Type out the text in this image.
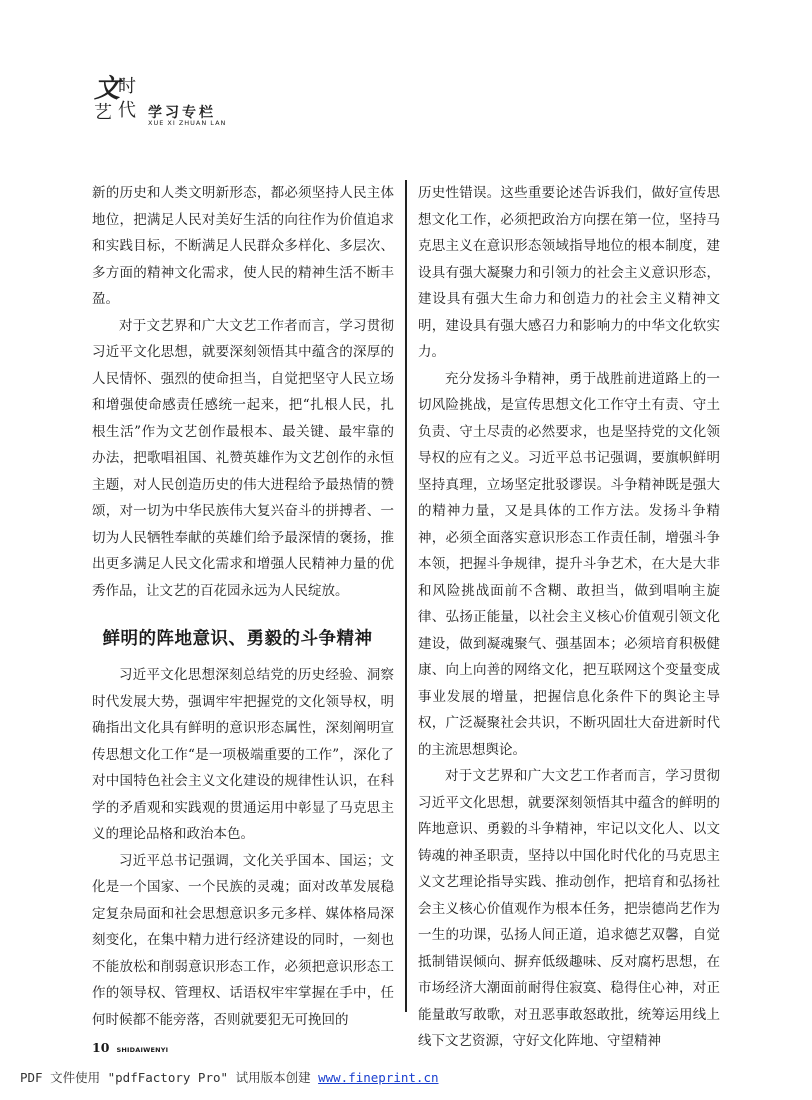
文
时
艺 代 学习专栏
XUE XI ZHUAN LAN

新的历史和人类文明新形态，都必须坚持人民主体地位，把满足人民对美好生活的向往作为价值追求和实践目标，不断满足人民群众多样化、多层次、多方面的精神文化需求，使人民的精神生活不断丰盈。

对于文艺界和广大文艺工作者而言，学习贯彻习近平文化思想，就要深刻领悟其中蕴含的深厚的人民情怀、强烈的使命担当，自觉把坚守人民立场和增强使命感责任感统一起来，把“扎根人民，扎根生活”作为文艺创作最根本、最关键、最牢靠的办法，把歌唱祖国、礼赞英雄作为文艺创作的永恒主题，对人民创造历史的伟大进程给予最热情的赞颂，对一切为中华民族伟大复兴奋斗的拼搏者、一切为人民牺牲奉献的英雄们给予最深情的褒扬，推出更多满足人民文化需求和增强人民精神力量的优秀作品，让文艺的百花园永远为人民绽放。

鲜明的阵地意识、勇毅的斗争精神

习近平文化思想深刻总结党的历史经验、洞察时代发展大势，强调牢牢把握党的文化领导权，明确指出文化具有鲜明的意识形态属性，深刻阐明宣传思想文化工作“是一项极端重要的工作”，深化了对中国特色社会主义文化建设的规律性认识，在科学的矛盾观和实践观的贯通运用中彰显了马克思主义的理论品格和政治本色。

习近平总书记强调，文化关乎国本、国运；文化是一个国家、一个民族的灵魂；面对改革发展稳定复杂局面和社会思想意识多元多样、媒体格局深刻变化，在集中精力进行经济建设的同时，一刻也不能放松和削弱意识形态工作，必须把意识形态工作的领导权、管理权、话语权牢牢掌握在手中，任何时候都不能旁落，否则就要犯无可挽回的

历史性错误。这些重要论述告诉我们，做好宣传思想文化工作，必须把政治方向摆在第一位，坚持马克思主义在意识形态领域指导地位的根本制度，建设具有强大凝聚力和引领力的社会主义意识形态，建设具有强大生命力和创造力的社会主义精神文明，建设具有强大感召力和影响力的中华文化软实力。

充分发扬斗争精神，勇于战胜前进道路上的一切风险挑战，是宣传思想文化工作守土有责、守土负责、守土尽责的必然要求，也是坚持党的文化领导权的应有之义。习近平总书记强调，要旗帜鲜明坚持真理，立场坚定批驳谬误。斗争精神既是强大的精神力量，又是具体的工作方法。发扬斗争精神，必须全面落实意识形态工作责任制，增强斗争本领，把握斗争规律，提升斗争艺术，在大是大非和风险挑战面前不含糊、敢担当，做到唱响主旋律、弘扬正能量，以社会主义核心价值观引领文化建设，做到凝魂聚气、强基固本；必须培育积极健康、向上向善的网络文化，把互联网这个变量变成事业发展的增量，把握信息化条件下的舆论主导权，广泛凝聚社会共识，不断巩固壮大奋进新时代的主流思想舆论。

对于文艺界和广大文艺工作者而言，学习贯彻习近平文化思想，就要深刻领悟其中蕴含的鲜明的阵地意识、勇毅的斗争精神，牢记以文化人、以文铸魂的神圣职责，坚持以中国化时代化的马克思主义文艺理论指导实践、推动创作，把培育和弘扬社会主义核心价值观作为根本任务，把崇德尚艺作为一生的功课，弘扬人间正道，追求德艺双馨，自觉抵制错误倾向、摒弃低级趣味、反对腐朽思想，在市场经济大潮面前耐得住寂寞、稳得住心神，对正能量敢写敢歌，对丑恶事敢怒敢批，统筹运用线上线下文艺资源，守好文化阵地、守望精神

10 SHIDAIWENYI
PDF 文件使用 "pdfFactory Pro" 试用版本创建 www.fineprint.cn
